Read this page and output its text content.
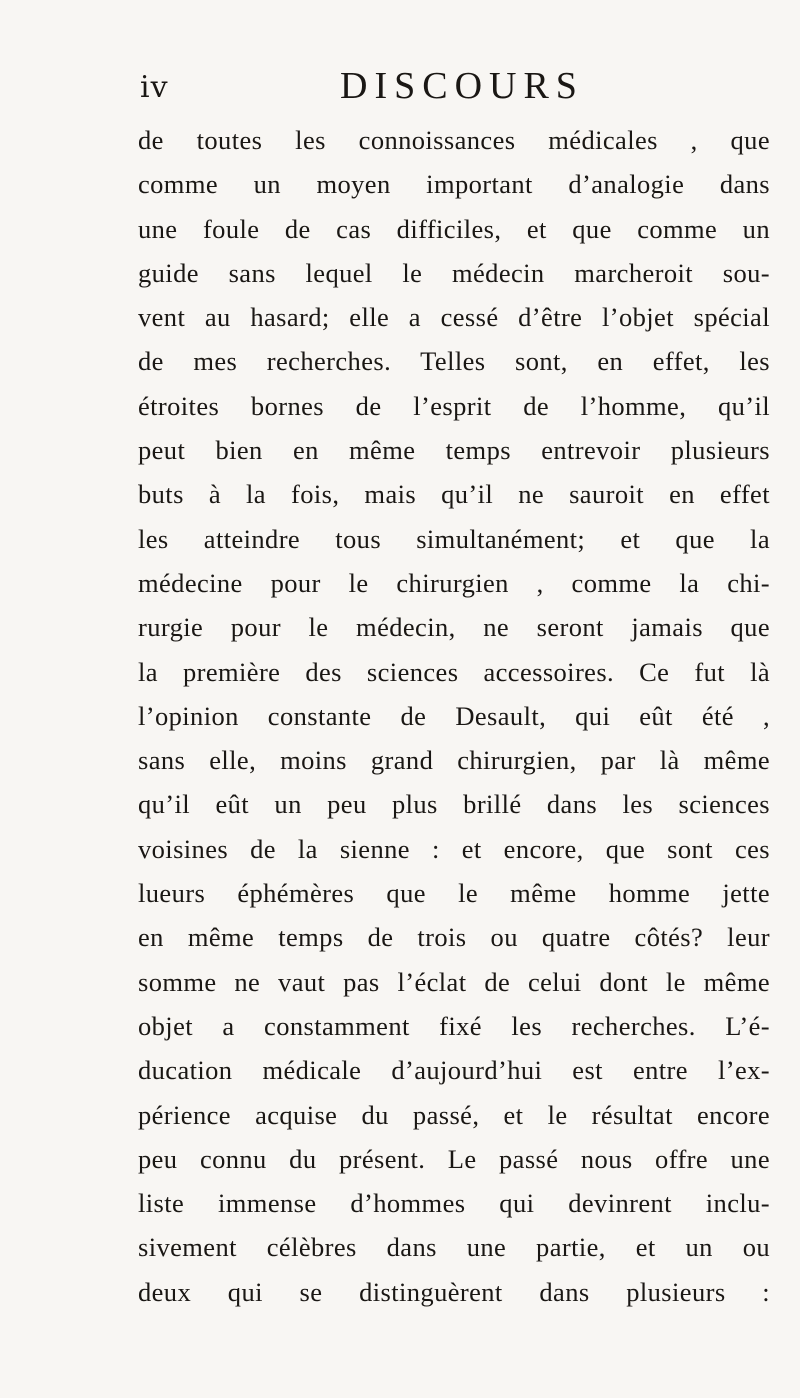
iv	DISCOURS
de toutes les connoissances médicales , que
comme un moyen important d’analogie dans
une foule de cas difficiles, et que comme un
guide sans lequel le médecin marcheroit sou-
vent au hasard; elle a cessé d’être l’objet spécial
de mes recherches. Telles sont, en effet, les
étroites bornes de l’esprit de l’homme, qu’il
peut bien en même temps entrevoir plusieurs
buts à la fois, mais qu’il ne sauroit en effet
les atteindre tous simultanément; et que la
médecine pour le chirurgien , comme la chi-
rurgie pour le médecin, ne seront jamais que
la première des sciences accessoires. Ce fut là
l’opinion constante de Desault, qui eût été ,
sans elle, moins grand chirurgien, par là même
qu’il eût un peu plus brillé dans les sciences
voisines de la sienne : et encore, que sont ces
lueurs éphémères que le même homme jette
en même temps de trois ou quatre côtés? leur
somme ne vaut pas l’éclat de celui dont le même
objet a constamment fixé les recherches. L’é-
ducation médicale d’aujourd’hui est entre l’ex-
périence acquise du passé, et le résultat encore
peu connu du présent. Le passé nous offre une
liste immense d’hommes qui devinrent inclu-
sivement célèbres dans une partie, et un ou
deux qui se distinguèrent dans plusieurs :
